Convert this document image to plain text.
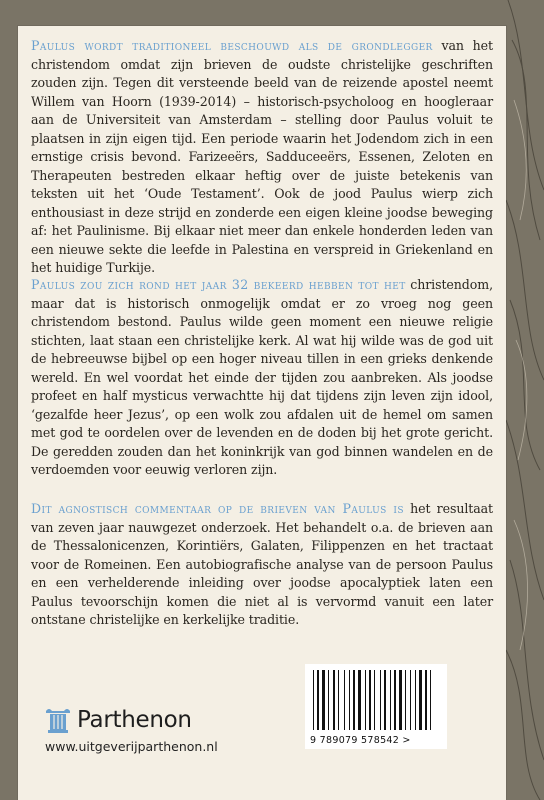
Paulus wordt traditioneel beschouwd als de grondlegger van het christendom omdat zijn brieven de oudste christelijke geschriften zouden zijn. Tegen dit versteende beeld van de reizende apostel neemt Willem van Hoorn (1939-2014) – historisch-psycholoog en hoogleraar aan de Universiteit van Amsterdam – stelling door Paulus voluit te plaatsen in zijn eigen tijd. Een periode waarin het Jodendom zich in een ernstige crisis bevond. Farizeeërs, Sadduceeërs, Essenen, Zeloten en Therapeuten bestreden elkaar heftig over de juiste betekenis van teksten uit het ‘Oude Testament’. Ook de jood Paulus wierp zich enthousiast in deze strijd en zonderde een eigen kleine joodse beweging af: het Paulinisme. Bij elkaar niet meer dan enkele honderden leden van een nieuwe sekte die leefde in Palestina en verspreid in Griekenland en het huidige Turkije.
Paulus zou zich rond het jaar 32 bekeerd hebben tot het christendom, maar dat is historisch onmogelijk omdat er zo vroeg nog geen christendom bestond. Paulus wilde geen moment een nieuwe religie stichten, laat staan een christelijke kerk. Al wat hij wilde was de god uit de hebreeuwse bijbel op een hoger niveau tillen in een grieks denkende wereld. En wel voordat het einde der tijden zou aanbreken. Als joodse profeet en half mysticus verwachtte hij dat tijdens zijn leven zijn idool, ‘gezalfde heer Jezus’, op een wolk zou afdalen uit de hemel om samen met god te oordelen over de levenden en de doden bij het grote gericht. De geredden zouden dan het koninkrijk van god binnen wandelen en de verdoemden voor eeuwig verloren zijn.
Dit agnostisch commentaar op de brieven van Paulus is het resultaat van zeven jaar nauwgezet onderzoek. Het behandelt o.a. de brieven aan de Thessalonicenzen, Korintiërs, Galaten, Filippenzen en het tractaat voor de Romeinen. Een autobiografische analyse van de persoon Paulus en een verhelderende inleiding over joodse apocalyptiek laten een Paulus tevoorschijn komen die niet al is vervormd vanuit een later ontstane christelijke en kerkelijke traditie.
Parthenon
www.uitgeverijparthenon.nl	9 789079 578542 >
